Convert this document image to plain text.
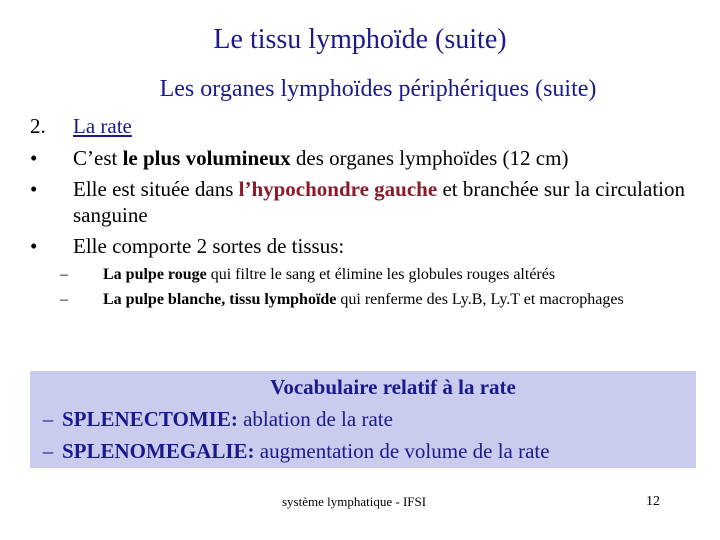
Le tissu lymphoïde (suite)
Les organes lymphoïdes périphériques (suite)
2. La rate
• C’est le plus volumineux des organes lymphoïdes (12 cm)
• Elle est située dans l’hypochondre gauche et branchée sur la circulation sanguine
• Elle comporte 2 sortes de tissus:
– La pulpe rouge qui filtre le sang et élimine les globules rouges altérés
– La pulpe blanche, tissu lymphoïde qui renferme des Ly.B, Ly.T et macrophages
Vocabulaire relatif à la rate
– SPLENECTOMIE: ablation de la rate
– SPLENOMEGALIE: augmentation de volume de la rate
système lymphatique - IFSI	12
